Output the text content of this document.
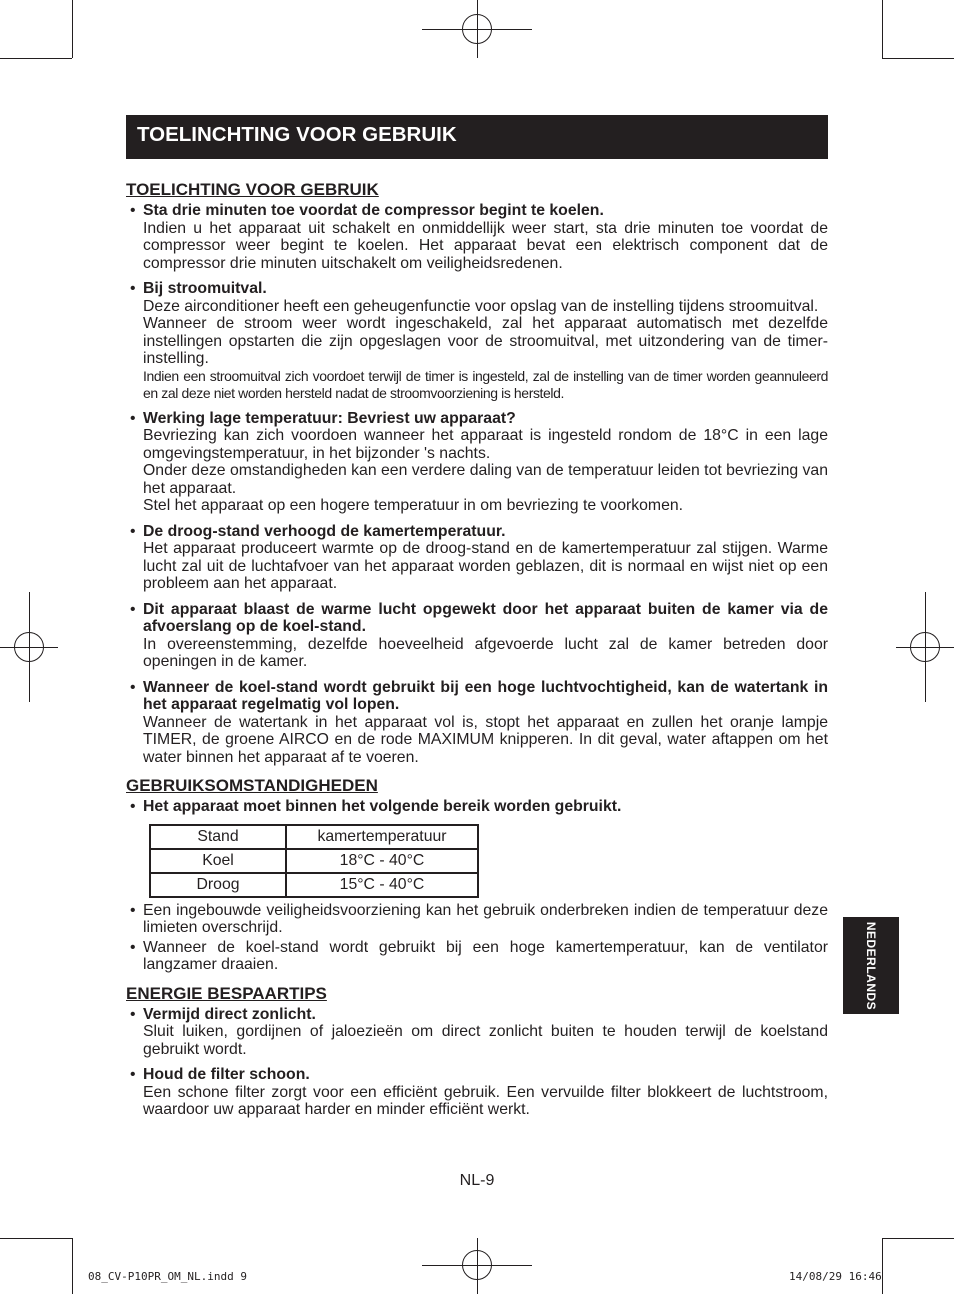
TOELINCHTING VOOR GEBRUIK
TOELICHTING VOOR GEBRUIK
• Sta drie minuten toe voordat de compressor begint te koelen.

Indien u het apparaat uit schakelt en onmiddellijk weer start, sta drie minuten toe voordat de compressor weer begint te koelen. Het apparaat bevat een elektrisch component dat de compressor drie minuten uitschakelt om veiligheidsredenen.

• Bij stroomuitval.

Deze airconditioner heeft een geheugenfunctie voor opslag van de instelling tijdens stroomuitval.

Wanneer de stroom weer wordt ingeschakeld, zal het apparaat automatisch met dezelfde instellingen opstarten die zijn opgeslagen voor de stroomuitval, met uitzondering van de timer-instelling.

Indien een stroomuitval zich voordoet terwijl de timer is ingesteld, zal de instelling van de timer worden geannuleerd en zal deze niet worden hersteld nadat de stroomvoorziening is hersteld.

• Werking lage temperatuur: Bevriest uw apparaat?

Bevriezing kan zich voordoen wanneer het apparaat is ingesteld rondom de 18°C in een lage omgevingstemperatuur, in het bijzonder 's nachts.

Onder deze omstandigheden kan een verdere daling van de temperatuur leiden tot bevriezing van het apparaat.

Stel het apparaat op een hogere temperatuur in om bevriezing te voorkomen.

• De droog-stand verhoogd de kamertemperatuur.

Het apparaat produceert warmte op de droog-stand en de kamertemperatuur zal stijgen. Warme lucht zal uit de luchtafvoer van het apparaat worden geblazen, dit is normaal en wijst niet op een probleem aan het apparaat.

• Dit apparaat blaast de warme lucht opgewekt door het apparaat buiten de kamer via de afvoerslang op de koel-stand.

In overeenstemming, dezelfde hoeveelheid afgevoerde lucht zal de kamer betreden door openingen in de kamer.

• Wanneer de koel-stand wordt gebruikt bij een hoge luchtvochtigheid, kan de watertank in het apparaat regelmatig vol lopen.

Wanneer de watertank in het apparaat vol is, stopt het apparaat en zullen het oranje lampje TIMER, de groene AIRCO en de rode MAXIMUM knipperen. In dit geval, water aftappen om het water binnen het apparaat af te voeren.

GEBRUIKSOMSTANDIGHEDEN
• Het apparaat moet binnen het volgende bereik worden gebruikt.
Stand	kamertemperatuur
Koel	18°C - 40°C
Droog	15°C - 40°C
• Een ingebouwde veiligheidsvoorziening kan het gebruik onderbreken indien de temperatuur deze limieten overschrijd.

• Wanneer de koel-stand wordt gebruikt bij een hoge kamertemperatuur, kan de ventilator langzamer draaien.

ENERGIE BESPAARTIPS
• Vermijd direct zonlicht.

Sluit luiken, gordijnen of jaloezieën om direct zonlicht buiten te houden terwijl de koelstand gebruikt wordt.

• Houd de filter schoon.

Een schone filter zorgt voor een efficiënt gebruik. Een vervuilde filter blokkeert de luchtstroom, waardoor uw apparaat harder en minder efficiënt werkt.

NL-9
NEDERLANDS
08_CV-P10PR_OM_NL.indd 9	14/08/29 16:46
